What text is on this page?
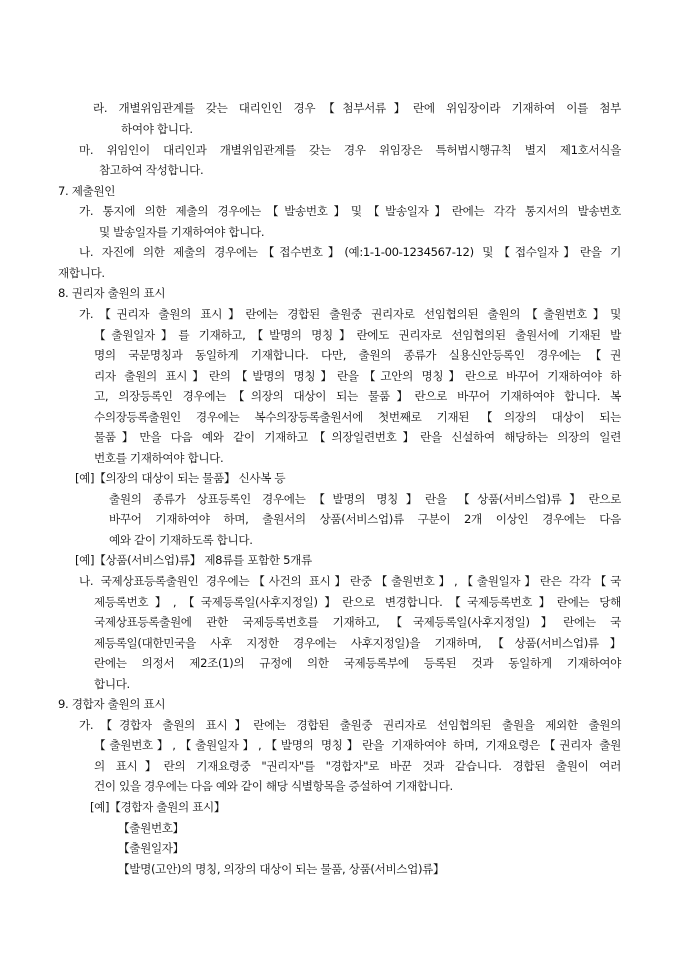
라. 개별위임관계를 갖는 대리인인 경우【첨부서류】란에 위임장이라 기재하여 이를 첨부
하여야 합니다.
마. 위임인이 대리인과 개별위임관계를 갖는 경우 위임장은 특허법시행규칙 별지 제1호서식을
참고하여 작성합니다.
7. 제출원인
가. 통지에 의한 제출의 경우에는【발송번호】및【발송일자】란에는 각각 통지서의 발송번호
및 발송일자를 기재하여야 합니다.
나. 자진에 의한 제출의 경우에는【접수번호】(예:1-1-00-1234567-12) 및【접수일자】란을 기
재합니다.
8. 권리자 출원의 표시
가.【권리자 출원의 표시】란에는 경합된 출원중 권리자로 선임협의된 출원의【출원번호】및
【출원일자】를 기재하고,【발명의 명칭】란에도 권리자로 선임협의된 출원서에 기재된 발
명의 국문명칭과 동일하게 기재합니다. 다만, 출원의 종류가 실용신안등록인 경우에는【권
리자 출원의 표시】란의【발명의 명칭】란을【고안의 명칭】란으로 바꾸어 기재하여야 하
고, 의장등록인 경우에는【의장의 대상이 되는 물품】란으로 바꾸어 기재하여야 합니다. 복
수의장등록출원인 경우에는 복수의장등록출원서에 첫번째로 기재된【의장의 대상이 되는
물품】만을 다음 예와 같이 기재하고【의장일련번호】란을 신설하여 해당하는 의장의 일련
번호를 기재하여야 합니다.
[예]【의장의 대상이 되는 물품】 신사복 등
출원의 종류가 상표등록인 경우에는【발명의 명칭】란을 【상품(서비스업)류】란으로
바꾸어 기재하여야 하며, 출원서의 상품(서비스업)류 구분이 2개 이상인 경우에는 다음
예와 같이 기재하도록 합니다.
[예]【상품(서비스업)류】 제8류를 포함한 5개류
나. 국제상표등록출원인 경우에는【사건의 표시】란중【출원번호】,【출원일자】란은 각각【국
제등록번호】,【국제등록일(사후지정일)】란으로 변경합니다.【국제등록번호】란에는 당해
국제상표등록출원에 관한 국제등록번호를 기재하고,【국제등록일(사후지정일)】란에는 국
제등록일(대한민국을 사후 지정한 경우에는 사후지정일)을 기재하며,【상품(서비스업)류】
란에는 의정서 제2조(1)의 규정에 의한 국제등록부에 등록된 것과 동일하게 기재하여야
합니다.
9. 경합자 출원의 표시
가.【경합자 출원의 표시】란에는 경합된 출원중 권리자로 선임협의된 출원을 제외한 출원의
【출원번호】,【출원일자】,【발명의 명칭】란을 기재하여야 하며, 기재요령은【권리자 출원
의 표시】란의 기재요령중 "권리자"를 "경합자"로 바꾼 것과 같습니다. 경합된 출원이 여러
건이 있을 경우에는 다음 예와 같이 해당 식별항목을 증설하여 기재합니다.
[예]【경합자 출원의 표시】
【출원번호】
【출원일자】
【발명(고안)의 명칭, 의장의 대상이 되는 물품, 상품(서비스업)류】
